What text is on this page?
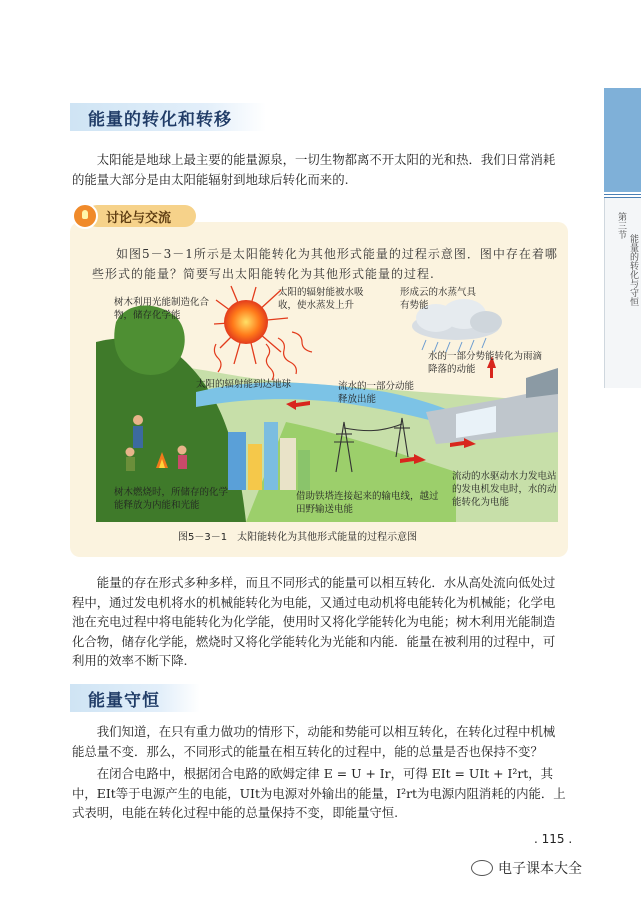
第三节
能量的转化与守恒
能量的转化和转移

太阳能是地球上最主要的能量源泉，一切生物都离不开太阳的光和热．我们日常消耗的能量大部分是由太阳能辐射到地球后转化而来的.

讨论与交流

如图5－3－1所示是太阳能转化为其他形式能量的过程示意图．图中存在着哪些形式的能量？简要写出太阳能转化为其他形式能量的过程.

树木利用光能制造化合物，储存化学能
太阳的辐射能被水吸收，使水蒸发上升
形成云的水蒸气具有势能
水的一部分势能转化为雨滴降落的动能
太阳的辐射能到达地球	流水的一部分动能释放出能
树木燃烧时，所储存的化学能释放为内能和光能
借助铁塔连接起来的输电线，越过田野输送电能
流动的水驱动水力发电站的发电机发电时，水的动能转化为电能
图5－3－1　太阳能转化为其他形式能量的过程示意图

能量的存在形式多种多样，而且不同形式的能量可以相互转化．水从高处流向低处过程中，通过发电机将水的机械能转化为电能，又通过电动机将电能转化为机械能；化学电池在充电过程中将电能转化为化学能，使用时又将化学能转化为电能；树木利用光能制造化合物，储存化学能，燃烧时又将化学能转化为光能和内能．能量在被利用的过程中，可利用的效率不断下降.

能量守恒

我们知道，在只有重力做功的情形下，动能和势能可以相互转化，在转化过程中机械能总量不变．那么，不同形式的能量在相互转化的过程中，能的总量是否也保持不变？

在闭合电路中，根据闭合电路的欧姆定律 E = U + Ir，可得 EIt = UIt + I²rt，其中，EIt等于电源产生的电能，UIt为电源对外输出的能量，I²rt为电源内阻消耗的内能．上式表明，电能在转化过程中能的总量保持不变，即能量守恒.

. 115 .
电子课本大全
